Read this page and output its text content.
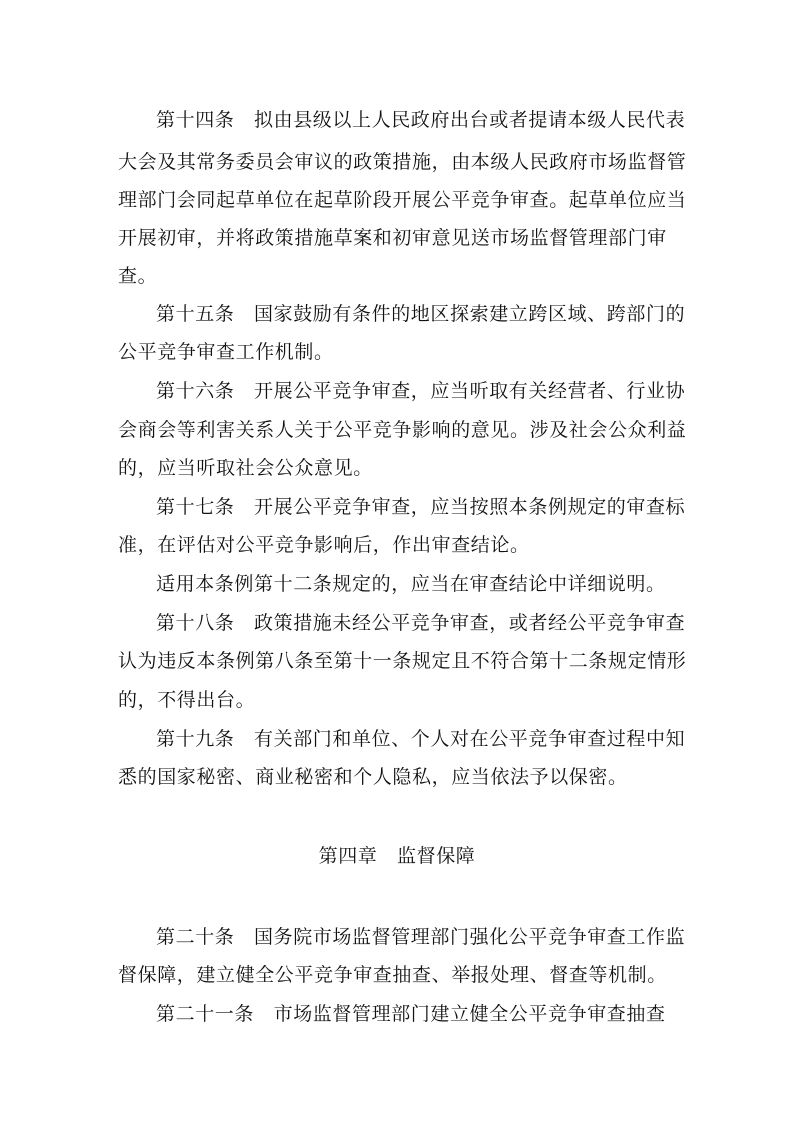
第十四条　拟由县级以上人民政府出台或者提请本级人民代表
大会及其常务委员会审议的政策措施，由本级人民政府市场监督管
理部门会同起草单位在起草阶段开展公平竞争审查。起草单位应当
开展初审，并将政策措施草案和初审意见送市场监督管理部门审
查。
第十五条　国家鼓励有条件的地区探索建立跨区域、跨部门的
公平竞争审查工作机制。
第十六条　开展公平竞争审查，应当听取有关经营者、行业协
会商会等利害关系人关于公平竞争影响的意见。涉及社会公众利益
的，应当听取社会公众意见。
第十七条　开展公平竞争审查，应当按照本条例规定的审查标
准，在评估对公平竞争影响后，作出审查结论。
适用本条例第十二条规定的，应当在审查结论中详细说明。
第十八条　政策措施未经公平竞争审查，或者经公平竞争审查
认为违反本条例第八条至第十一条规定且不符合第十二条规定情形
的，不得出台。
第十九条　有关部门和单位、个人对在公平竞争审查过程中知
悉的国家秘密、商业秘密和个人隐私，应当依法予以保密。
第四章　监督保障
第二十条　国务院市场监督管理部门强化公平竞争审查工作监
督保障，建立健全公平竞争审查抽查、举报处理、督查等机制。
第二十一条　市场监督管理部门建立健全公平竞争审查抽查
